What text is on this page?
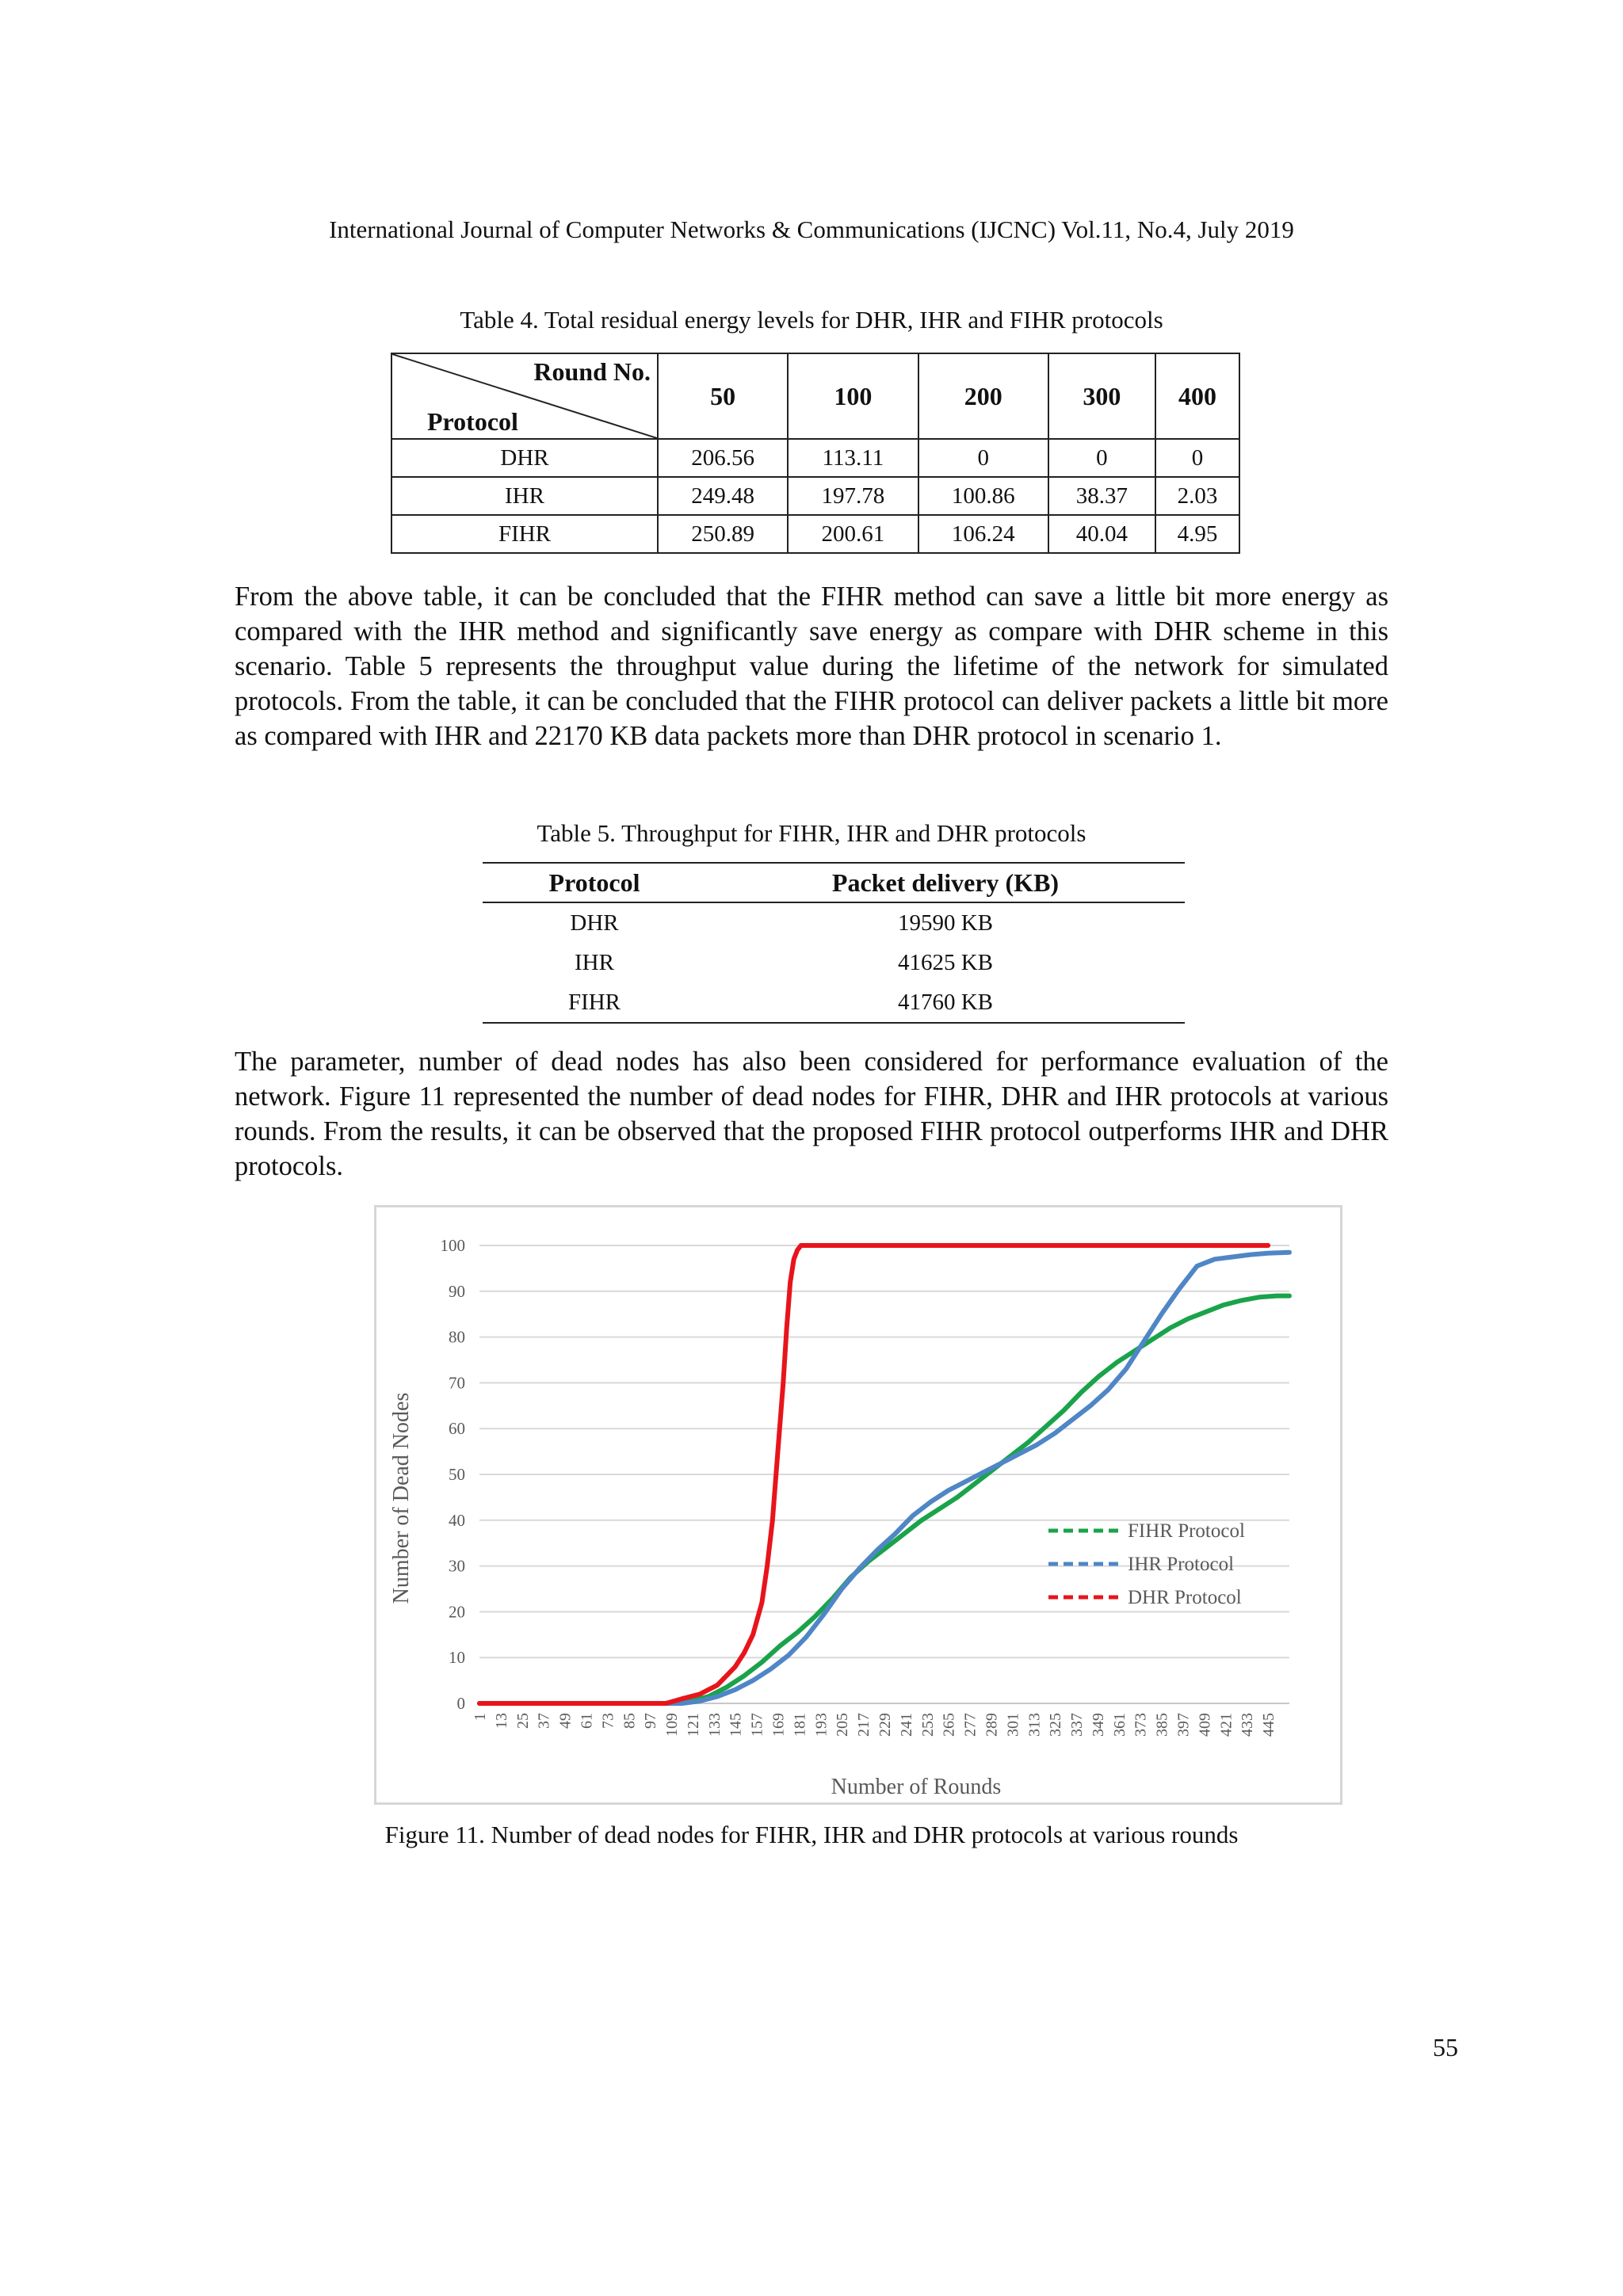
International Journal of Computer Networks & Communications (IJCNC) Vol.11, No.4, July 2019
Table 4. Total residual energy levels for DHR, IHR and FIHR protocols
Round No.
Protocol	50	100	200	300	400
DHR	206.56	113.11	0	0	0
IHR	249.48	197.78	100.86	38.37	2.03
FIHR	250.89	200.61	106.24	40.04	4.95

From the above table, it can be concluded that the FIHR method can save a little bit more energy as compared with the IHR method and significantly save energy as compare with DHR scheme in this scenario. Table 5 represents the throughput value during the lifetime of the network for simulated protocols. From the table, it can be concluded that the FIHR protocol can deliver packets a little bit more as compared with IHR and 22170 KB data packets more than DHR protocol in scenario 1.

Table 5. Throughput for FIHR, IHR and DHR protocols
Protocol	Packet delivery (KB)
DHR	19590 KB
IHR	41625 KB
FIHR	41760 KB

The parameter, number of dead nodes has also been considered for performance evaluation of the network. Figure 11 represented the number of dead nodes for FIHR, DHR and IHR protocols at various rounds. From the results, it can be observed that the proposed FIHR protocol outperforms IHR and DHR protocols.

0
10
20
30
40
50
60
70
80
90
100
1 13 25 37 49 61 73 85 97 109 121 133 145 157 169 181 193 205 217 229 241 253 265 277 289 301 313 325 337 349 361 373 385 397 409 421 433 445
Number of Rounds
Number of Dead Nodes	FIHR Protocol
IHR Protocol
DHR Protocol
Figure 11. Number of dead nodes for FIHR, IHR and DHR protocols at various rounds
55
